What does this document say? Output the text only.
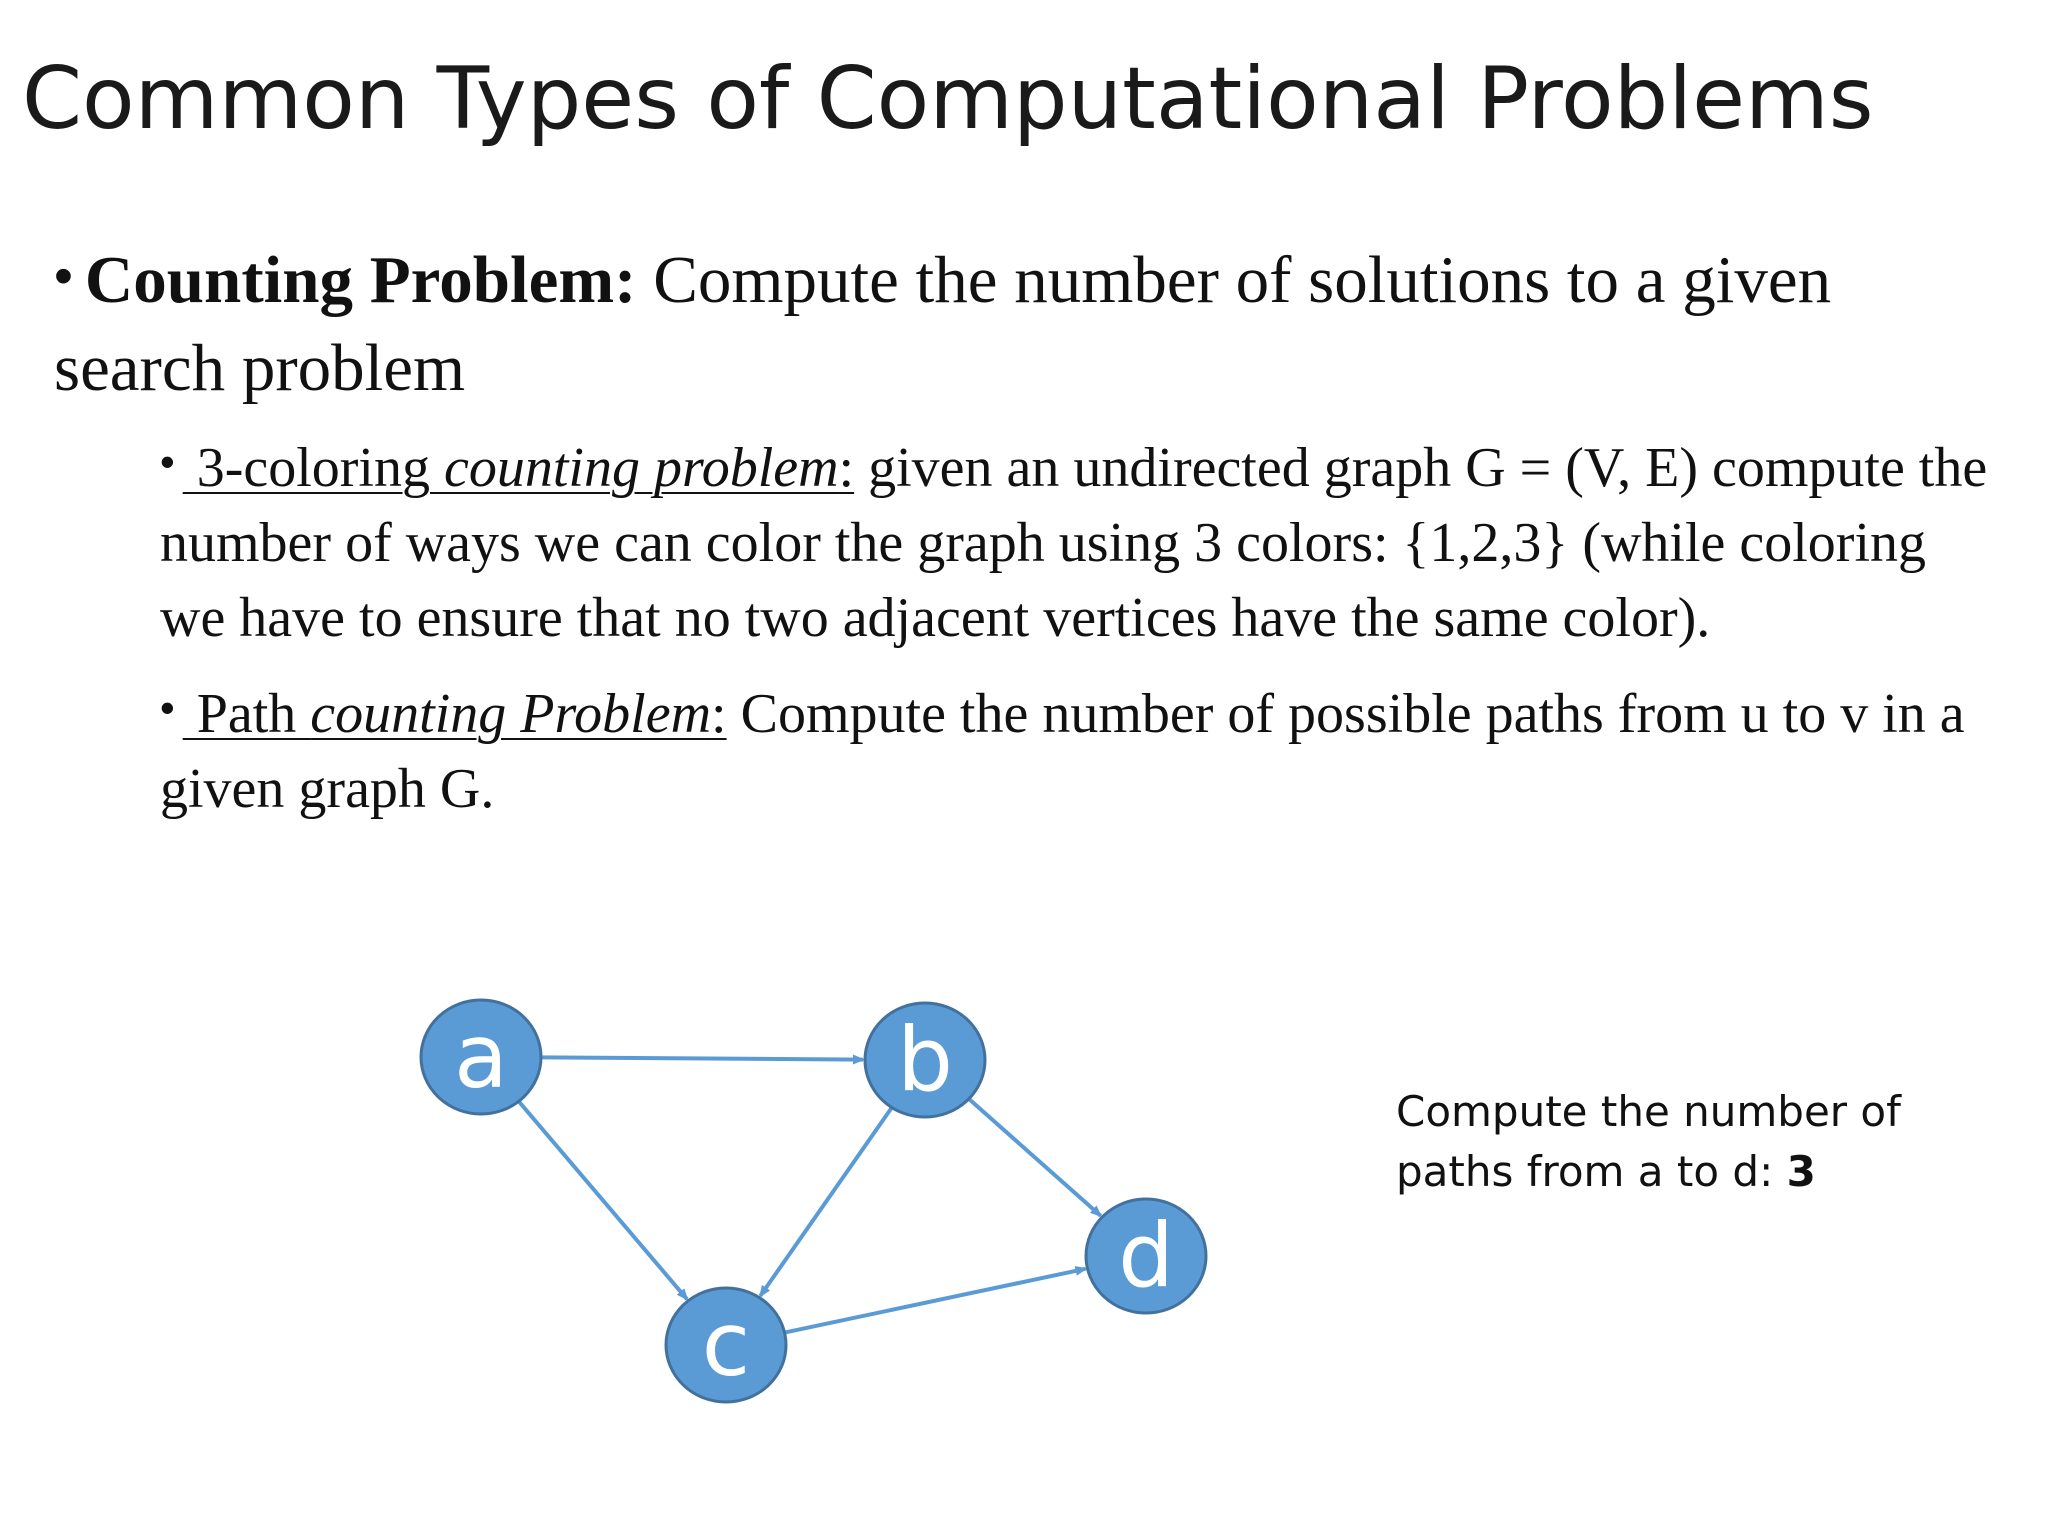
Common Types of Computational Problems
• Counting Problem: Compute the number of solutions to a given search problem
• 3-coloring counting problem: given an undirected graph G = (V, E) compute the number of ways we can color the graph using 3 colors: {1,2,3} (while coloring we have to ensure that no two adjacent vertices have the same color).
• Path counting Problem: Compute the number of possible paths from u to v in a given graph G.
a	b
c
d
Compute the number of paths from a to d: 3
